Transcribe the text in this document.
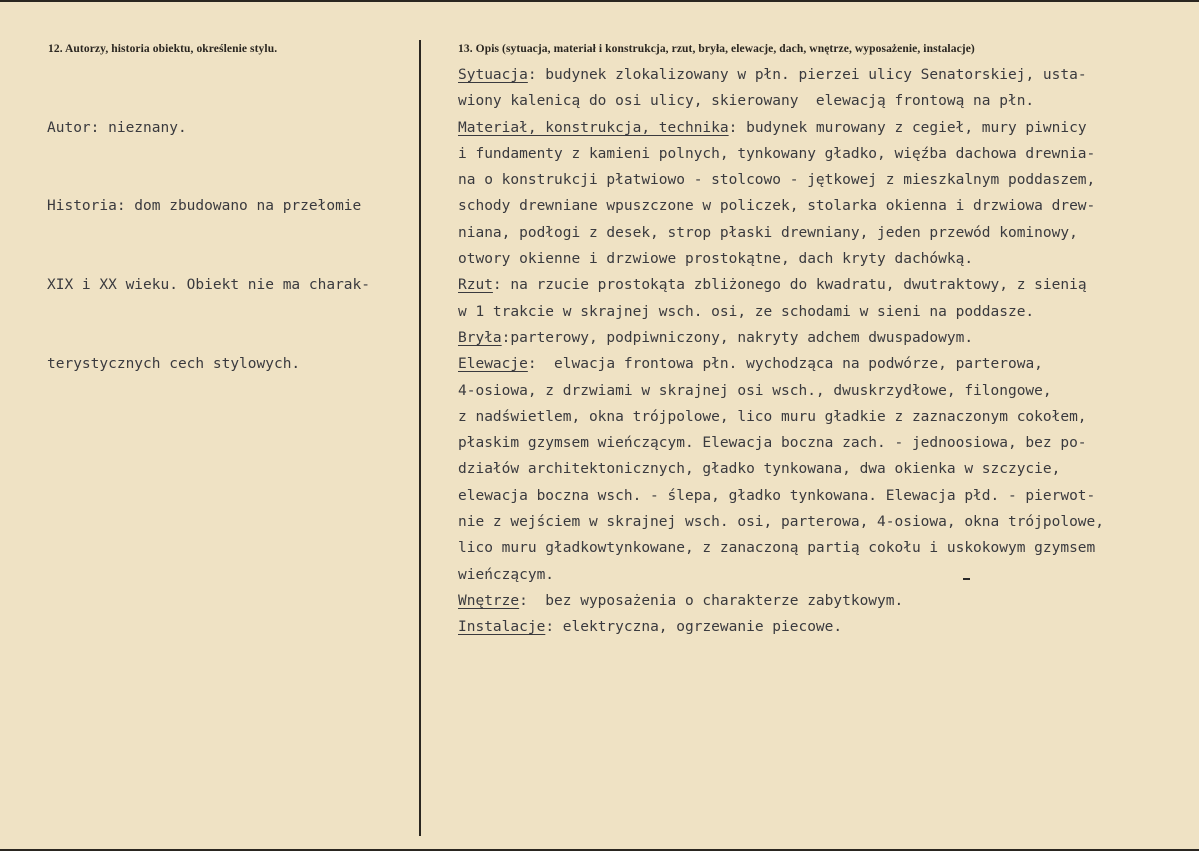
12. Autorzy, historia obiektu, określenie stylu.	13. Opis (sytuacja, materiał i konstrukcja, rzut, bryła, elewacje, dach, wnętrze, wyposażenie, instalacje)

Autor: nieznany.

Historia: dom zbudowano na przełomie

XIX i XX wieku. Obiekt nie ma charak-

terystycznych cech stylowych.

Sytuacja: budynek zlokalizowany w płn. pierzei ulicy Senatorskiej, usta-
wiony kalenicą do osi ulicy, skierowany  elewacją frontową na płn.
Materiał, konstrukcja, technika: budynek murowany z cegieł, mury piwnicy
i fundamenty z kamieni polnych, tynkowany gładko, więźba dachowa drewnia-
na o konstrukcji płatwiowo - stolcowo - jętkowej z mieszkalnym poddaszem,
schody drewniane wpuszczone w policzek, stolarka okienna i drzwiowa drew-
niana, podłogi z desek, strop płaski drewniany, jeden przewód kominowy,
otwory okienne i drzwiowe prostokątne, dach kryty dachówką.
Rzut: na rzucie prostokąta zbliżonego do kwadratu, dwutraktowy, z sienią
w 1 trakcie w skrajnej wsch. osi, ze schodami w sieni na poddasze.
Bryła:parterowy, podpiwniczony, nakryty adchem dwuspadowym.
Elewacje:  elwacja frontowa płn. wychodząca na podwórze, parterowa,
4-osiowa, z drzwiami w skrajnej osi wsch., dwuskrzydłowe, filongowe,
z nadświetlem, okna trójpolowe, lico muru gładkie z zaznaczonym cokołem,
płaskim gzymsem wieńczącym. Elewacja boczna zach. - jednoosiowa, bez po-
działów architektonicznych, gładko tynkowana, dwa okienka w szczycie,
elewacja boczna wsch. - ślepa, gładko tynkowana. Elewacja płd. - pierwot-
nie z wejściem w skrajnej wsch. osi, parterowa, 4-osiowa, okna trójpolowe,
lico muru gładkowtynkowane, z zanaczoną partią cokołu i uskokowym gzymsem
wieńczącym.
Wnętrze:  bez wyposażenia o charakterze zabytkowym.
Instalacje: elektryczna, ogrzewanie piecowe.
